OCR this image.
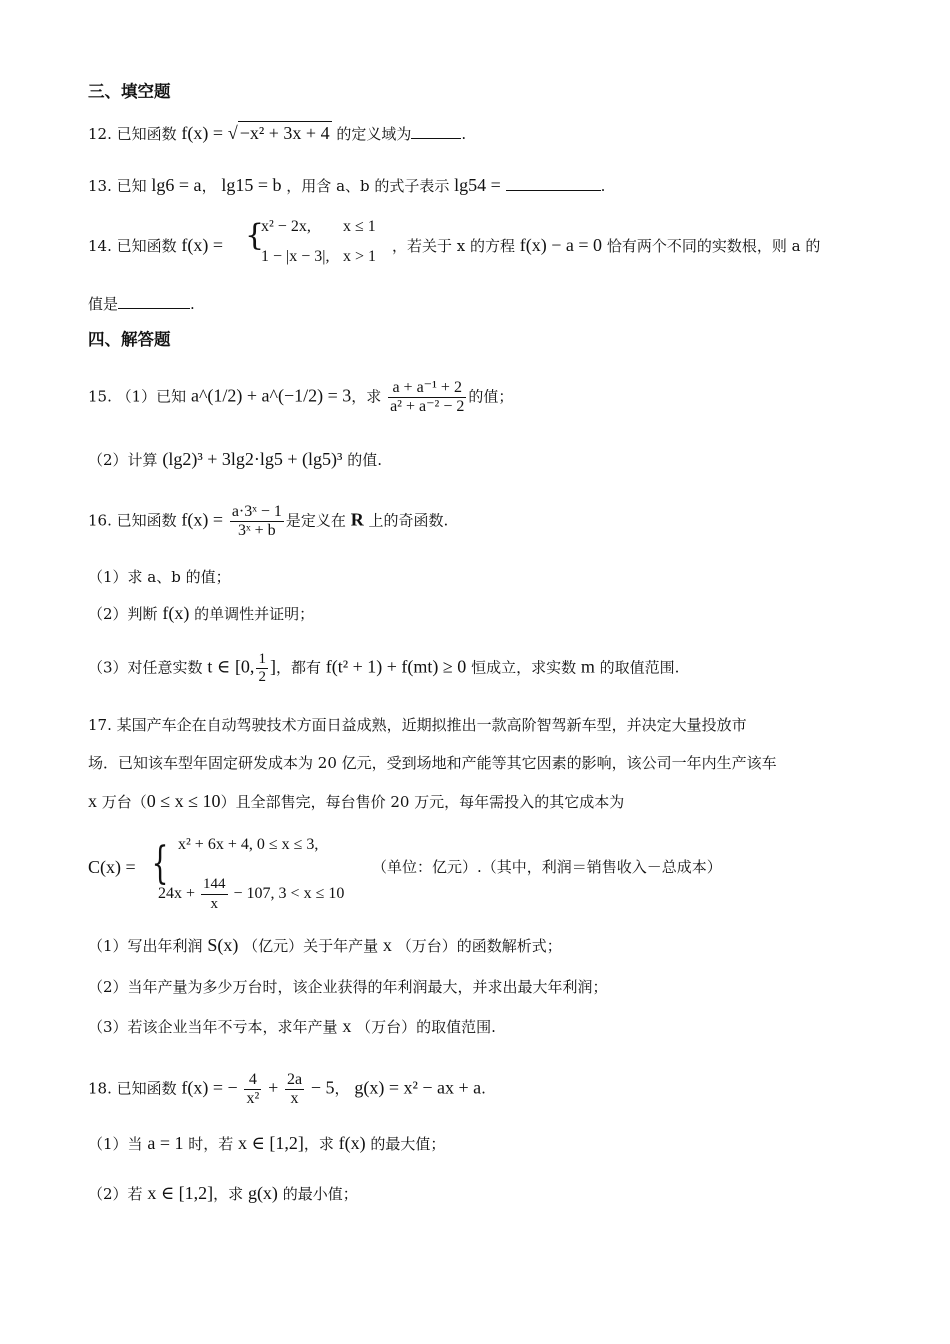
三、填空题
12. 已知函数 f(x) = √ −x² + 3x + 4 的定义域为	.
13. 已知 lg6 = a， lg15 = b ，用含 a、b 的式子表示 lg54 =	.
14. 已知函数 f(x) = {
x² − 2x, x ≤ 1
1 − |x − 3|, x > 1
，若关于 x 的方程 f(x) − a = 0 恰有两个不同的实数根，则 a 的
值是	.
四、解答题
15. （1）已知 a^(1/2) + a^(−1/2) = 3，求 $\frac{\text{a + a⁻¹ + 2}}{\text{a² + a⁻² − 2}}$ 的值；
（2）计算 (lg2)³ + 3lg2·lg5 + (lg5)³ 的值.
16. 已知函数 $f(x) = \frac{\text{a·3ˣ − 1}}{\text{3ˣ + b}}$ 是定义在 R 上的奇函数.
（1）求 a、b 的值；
（2）判断 f(x) 的单调性并证明；
（3）对任意实数 t ∈ [0, $\frac{1}{2}$ ]，都有 f(t² + 1) + f(mt) ≥ 0 恒成立，求实数 m 的取值范围.
17. 某国产车企在自动驾驶技术方面日益成熟，近期拟推出一款高阶智驾新车型，并决定大量投放市
场．已知该车型年固定研发成本为 20 亿元，受到场地和产能等其它因素的影响，该公司一年内生产该车
x 万台（0 ≤ x ≤ 10）且全部售完，每台售价 20 万元，每年需投入的其它成本为
C(x) = { x² + 6x + 4, 0 ≤ x ≤ 3,
$24x + \frac{144}{x} - 107$, 3 < x ≤ 10
（单位：亿元）.（其中，利润＝销售收入－总成本）
（1）写出年利润 S(x) （亿元）关于年产量 x （万台）的函数解析式；
（2）当年产量为多少万台时，该企业获得的年利润最大，并求出最大年利润；
（3）若该企业当年不亏本，求年产量 x （万台）的取值范围.
18. 已知函数 f(x) = − $\frac{4}{\text{x²}} + \frac{2a}{x} - 5$， g(x) = x² − ax + a.
（1）当 a = 1 时，若 x ∈ [1,2]，求 f(x) 的最大值；
（2）若 x ∈ [1,2]，求 g(x) 的最小值；
